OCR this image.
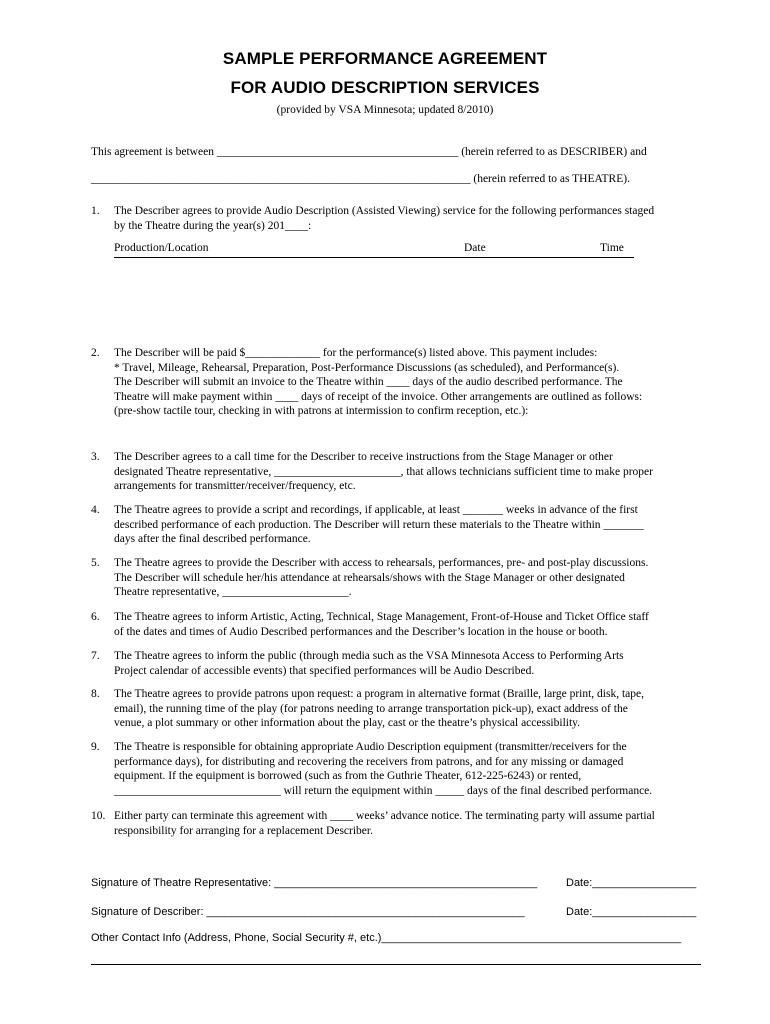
SAMPLE PERFORMANCE AGREEMENT
FOR AUDIO DESCRIPTION SERVICES
(provided by VSA Minnesota; updated 8/2010)
This agreement is between __________________________________________ (herein referred to as DESCRIBER) and
__________________________________________________________________ (herein referred to as THEATRE).
1. The Describer agrees to provide Audio Description (Assisted Viewing) service for the following performances staged
by the Theatre during the year(s) 201____:
Production/Location	Date	Time
2. The Describer will be paid $_____________ for the performance(s) listed above. This payment includes:
* Travel, Mileage, Rehearsal, Preparation, Post-Performance Discussions (as scheduled), and Performance(s).
The Describer will submit an invoice to the Theatre within ____ days of the audio described performance. The
Theatre will make payment within ____ days of receipt of the invoice. Other arrangements are outlined as follows:
(pre-show tactile tour, checking in with patrons at intermission to confirm reception, etc.):
3. The Describer agrees to a call time for the Describer to receive instructions from the Stage Manager or other
designated Theatre representative, ______________________, that allows technicians sufficient time to make proper
arrangements for transmitter/receiver/frequency, etc.
4. The Theatre agrees to provide a script and recordings, if applicable, at least _______ weeks in advance of the first
described performance of each production. The Describer will return these materials to the Theatre within _______
days after the final described performance.
5. The Theatre agrees to provide the Describer with access to rehearsals, performances, pre- and post-play discussions.
The Describer will schedule her/his attendance at rehearsals/shows with the Stage Manager or other designated
Theatre representative, ______________________.
6. The Theatre agrees to inform Artistic, Acting, Technical, Stage Management, Front-of-House and Ticket Office staff
of the dates and times of Audio Described performances and the Describer’s location in the house or booth.
7. The Theatre agrees to inform the public (through media such as the VSA Minnesota Access to Performing Arts
Project calendar of accessible events) that specified performances will be Audio Described.
8. The Theatre agrees to provide patrons upon request: a program in alternative format (Braille, large print, disk, tape,
email), the running time of the play (for patrons needing to arrange transportation pick-up), exact address of the
venue, a plot summary or other information about the play, cast or the theatre’s physical accessibility.
9. The Theatre is responsible for obtaining appropriate Audio Description equipment (transmitter/receivers for the
performance days), for distributing and recovering the receivers from patrons, and for any missing or damaged
equipment. If the equipment is borrowed (such as from the Guthrie Theater, 612-225-6243) or rented,
_____________________________ will return the equipment within _____ days of the final described performance.
10. Either party can terminate this agreement with ____ weeks’ advance notice. The terminating party will assume partial
responsibility for arranging for a replacement Describer.
Signature of Theatre Representative: ___________________________________________	Date:_________________
Signature of Describer: ____________________________________________________	Date:_________________
Other Contact Info (Address, Phone, Social Security #, etc.)_________________________________________________
